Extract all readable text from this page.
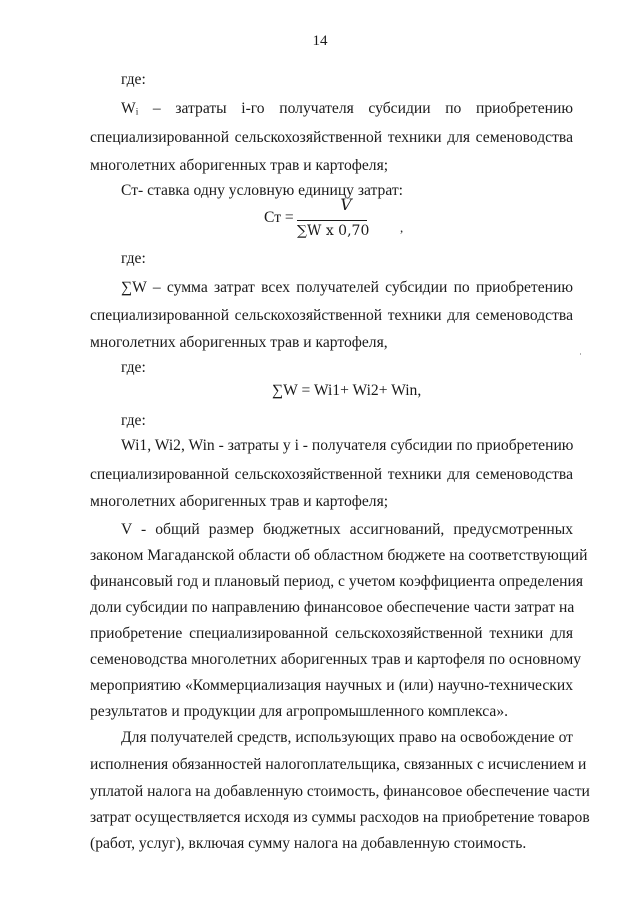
14
где:
Wᵢ – затраты i-го получателя субсидии по приобретению
специализированной сельскохозяйственной техники для семеноводства
многолетних аборигенных трав и картофеля;
Ст- ставка одну условную единицу затрат:
Ст =
V
∑W x 0,70 ,
где:
∑W – сумма затрат всех получателей субсидии по приобретению
специализированной сельскохозяйственной техники для семеноводства
многолетних аборигенных трав и картофеля,
где:
∑W = Wi1+ Wi2+ Win,
где:
Wi1, Wi2, Win - затраты у i - получателя субсидии по приобретению
специализированной сельскохозяйственной техники для семеноводства
многолетних аборигенных трав и картофеля;
V - общий размер бюджетных ассигнований, предусмотренных
законом Магаданской области об областном бюджете на соответствующий
финансовый год и плановый период, с учетом коэффициента определения
доли субсидии по направлению финансовое обеспечение части затрат на
приобретение специализированной сельскохозяйственной техники для
семеноводства многолетних аборигенных трав и картофеля по основному
мероприятию «Коммерциализация научных и (или) научно-технических
результатов и продукции для агропромышленного комплекса».
Для получателей средств, использующих право на освобождение от
исполнения обязанностей налогоплательщика, связанных с исчислением и
уплатой налога на добавленную стоимость, финансовое обеспечение части
затрат осуществляется исходя из суммы расходов на приобретение товаров
(работ, услуг), включая сумму налога на добавленную стоимость.
